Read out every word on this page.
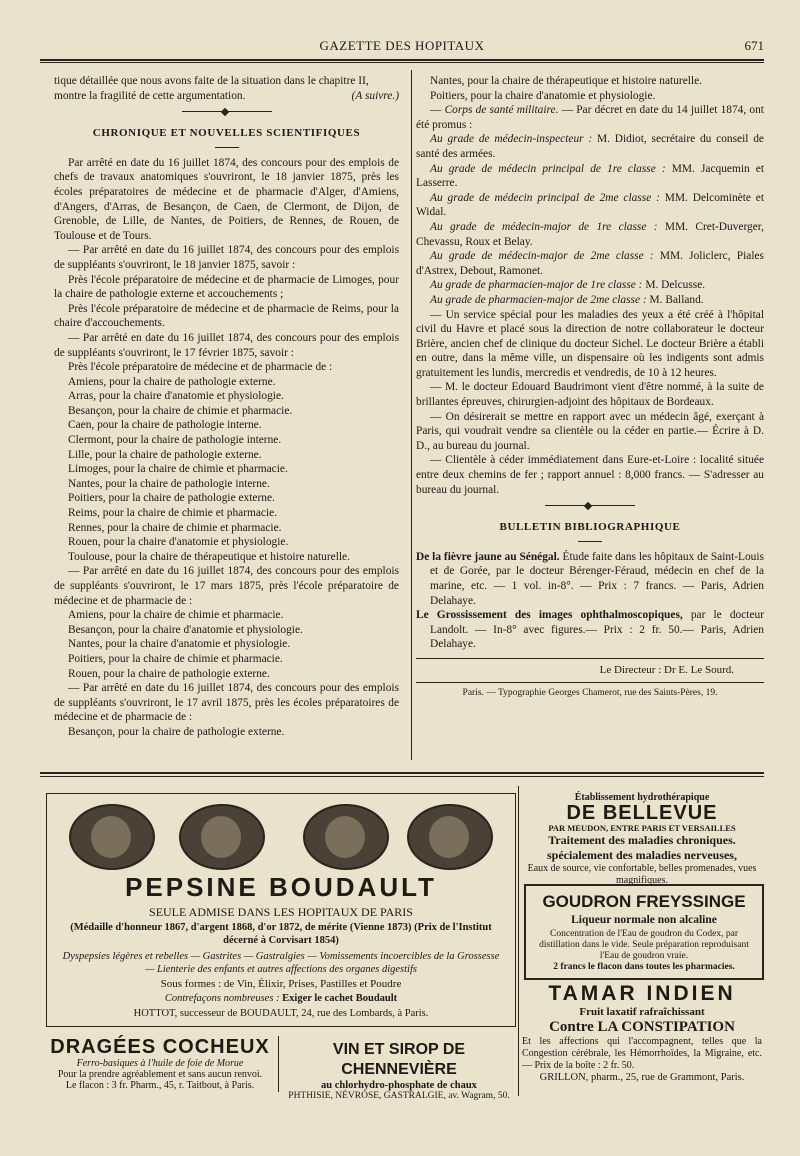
GAZETTE DES HOPITAUX	671

tique détaillée que nous avons faite de la situation dans le chapitre II,

montre la fragilité de cette argumentation.	(A suivre.)

CHRONIQUE ET NOUVELLES SCIENTIFIQUES

Par arrêté en date du 16 juillet 1874, des concours pour des emplois de chefs de travaux anatomiques s'ouvriront, le 18 janvier 1875, près les écoles préparatoires de médecine et de pharmacie d'Alger, d'Amiens, d'Angers, d'Arras, de Besançon, de Caen, de Clermont, de Dijon, de Grenoble, de Lille, de Nantes, de Poitiers, de Rennes, de Rouen, de Toulouse et de Tours.

— Par arrêté en date du 16 juillet 1874, des concours pour des emplois de suppléants s'ouvriront, le 18 janvier 1875, savoir :

Près l'école préparatoire de médecine et de pharmacie de Limoges, pour la chaire de pathologie externe et accouchements ;

Près l'école préparatoire de médecine et de pharmacie de Reims, pour la chaire d'accouchements.

— Par arrêté en date du 16 juillet 1874, des concours pour des emplois de suppléants s'ouvriront, le 17 février 1875, savoir :

Près l'école préparatoire de médecine et de pharmacie de :

Amiens, pour la chaire de pathologie externe.

Arras, pour la chaire d'anatomie et physiologie.

Besançon, pour la chaire de chimie et pharmacie.

Caen, pour la chaire de pathologie interne.

Clermont, pour la chaire de pathologie interne.

Lille, pour la chaire de pathologie externe.

Limoges, pour la chaire de chimie et pharmacie.

Nantes, pour la chaire de pathologie interne.

Poitiers, pour la chaire de pathologie externe.

Reims, pour la chaire de chimie et pharmacie.

Rennes, pour la chaire de chimie et pharmacie.

Rouen, pour la chaire d'anatomie et physiologie.

Toulouse, pour la chaire de thérapeutique et histoire naturelle.

— Par arrêté en date du 16 juillet 1874, des concours pour des emplois de suppléants s'ouvriront, le 17 mars 1875, près l'école préparatoire de médecine et de pharmacie de :

Amiens, pour la chaire de chimie et pharmacie.

Besançon, pour la chaire d'anatomie et physiologie.

Nantes, pour la chaire d'anatomie et physiologie.

Poitiers, pour la chaire de chimie et pharmacie.

Rouen, pour la chaire de pathologie externe.

— Par arrêté en date du 16 juillet 1874, des concours pour des emplois de suppléants s'ouvriront, le 17 avril 1875, près les écoles préparatoires de médecine et de pharmacie de :

Besançon, pour la chaire de pathologie externe.

Nantes, pour la chaire de thérapeutique et histoire naturelle.

Poitiers, pour la chaire d'anatomie et physiologie.

— Corps de santé militaire. — Par décret en date du 14 juillet 1874, ont été promus :

Au grade de médecin-inspecteur : M. Didiot, secrétaire du conseil de santé des armées.

Au grade de médecin principal de 1re classe : MM. Jacquemin et Lasserre.

Au grade de médecin principal de 2me classe : MM. Delcominète et Widal.

Au grade de médecin-major de 1re classe : MM. Cret-Duverger, Chevassu, Roux et Belay.

Au grade de médecin-major de 2me classe : MM. Joliclerc, Piales d'Astrex, Debout, Ramonet.

Au grade de pharmacien-major de 1re classe : M. Delcusse.

Au grade de pharmacien-major de 2me classe : M. Balland.

— Un service spécial pour les maladies des yeux a été créé à l'hôpital civil du Havre et placé sous la direction de notre collaborateur le docteur Brière, ancien chef de clinique du docteur Sichel. Le docteur Brière a établi en outre, dans la même ville, un dispensaire où les indigents sont admis gratuitement les lundis, mercredis et vendredis, de 10 à 12 heures.

— M. le docteur Edouard Baudrimont vient d'être nommé, à la suite de brillantes épreuves, chirurgien-adjoint des hôpitaux de Bordeaux.

— On désirerait se mettre en rapport avec un médecin âgé, exerçant à Paris, qui voudrait vendre sa clientèle ou la céder en partie.— Écrire à D. D., au bureau du journal.

— Clientèle à céder immédiatement dans Eure-et-Loire : localité située entre deux chemins de fer ; rapport annuel : 8,000 francs. — S'adresser au bureau du journal.

BULLETIN BIBLIOGRAPHIQUE

De la fièvre jaune au Sénégal. Étude faite dans les hôpitaux de Saint-Louis et de Gorée, par le docteur Bérenger-Féraud, médecin en chef de la marine, etc. — 1 vol. in-8°. — Prix : 7 francs. — Paris, Adrien Delahaye.

Le Grossissement des images ophthalmoscopiques, par le docteur Landolt. — In-8° avec figures.— Prix : 2 fr. 50.— Paris, Adrien Delahaye.

Le Directeur : Dr E. Le Sourd.

Paris. — Typographie Georges Chamerot, rue des Saints-Pères, 19.

PEPSINE BOUDAULT
SEULE ADMISE DANS LES HOPITAUX DE PARIS
(Médaille d'honneur 1867, d'argent 1868, d'or 1872, de mérite (Vienne 1873) (Prix de l'Institut décerné à Corvisart 1854)
Dyspepsies légères et rebelles — Gastrites — Gastralgies — Vomissements incoercibles de la Grossesse — Lienterie des enfants et autres affections des organes digestifs
Sous formes : de Vin, Élixir, Prises, Pastilles et Poudre
Contrefaçons nombreuses : Exiger le cachet Boudault
HOTTOT, successeur de BOUDAULT, 24, rue des Lombards, à Paris.
Établissement hydrothérapique
DE BELLEVUE
PAR MEUDON, ENTRE PARIS ET VERSAILLES
Traitement des maladies chroniques.
spécialement des maladies nerveuses,
Eaux de source, vie confortable, belles promenades, vues magnifiques.
GOUDRON FREYSSINGE
Liqueur normale non alcaline
Concentration de l'Eau de goudron du Codex, par distillation dans le vide. Seule préparation reproduisant l'Eau de goudron vraie.
2 francs le flacon dans toutes les pharmacies.
TAMAR INDIEN
Fruit laxatif rafraîchissant
Contre LA CONSTIPATION
Et les affections qui l'accompagnent, telles que la Congestion cérébrale, les Hémorrhoïdes, la Migraine, etc. — Prix de la boîte : 2 fr. 50.
GRILLON, pharm., 25, rue de Grammont, Paris.
DRAGÉES COCHEUX
Ferro-basiques à l'huile de foie de Morue
Pour la prendre agréablement et sans aucun renvoi.
Le flacon : 3 fr. Pharm., 45, r. Taitbout, à Paris.
VIN ET SIROP DE CHENNEVIÈRE
au chlorhydro-phosphate de chaux
PHTHISIE, NÉVROSE, GASTRALGIE, av. Wagram, 50.
